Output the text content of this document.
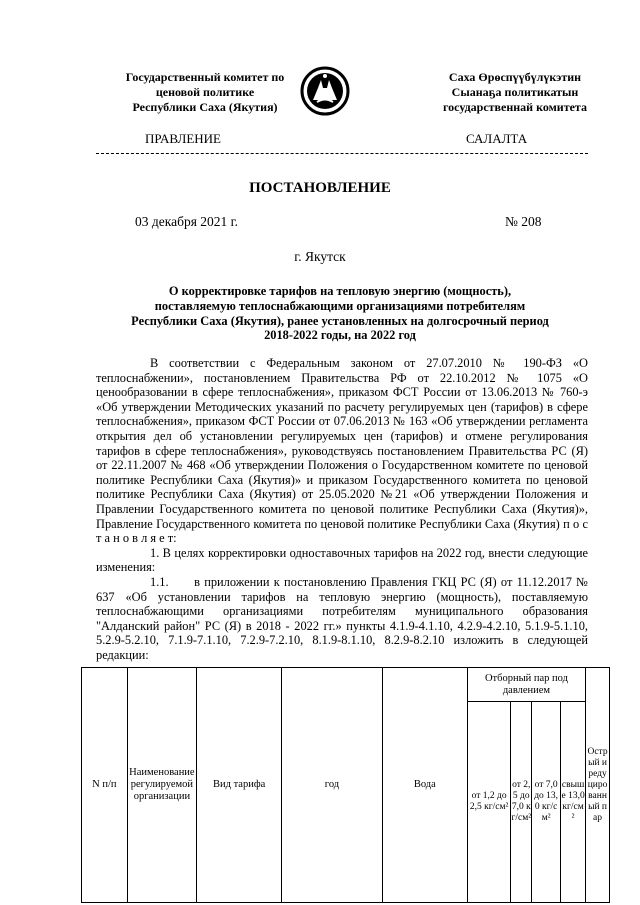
Государственный комитет по
ценовой политике
Республики Саха (Якутия)
Саха Өрөспүүбүлүкэтин
Сыанаҕа политикатын
государственнай комитета
ПРАВЛЕНИЕ	САЛАЛТА
ПОСТАНОВЛЕНИЕ
03 декабря 2021 г.	№ 208
г. Якутск
О корректировке тарифов на тепловую энергию (мощность),
поставляемую теплоснабжающими организациями потребителям
Республики Саха (Якутия), ранее установленных на долгосрочный период
2018-2022 годы, на 2022 год

В соответствии с Федеральным законом от 27.07.2010 № 190-ФЗ «О теплоснабжении», постановлением Правительства РФ от 22.10.2012 № 1075 «О ценообразовании в сфере теплоснабжения», приказом ФСТ России от 13.06.2013 № 760-э «Об утверждении Методических указаний по расчету регулируемых цен (тарифов) в сфере теплоснабжения», приказом ФСТ России от 07.06.2013 № 163 «Об утверждении регламента открытия дел об установлении регулируемых цен (тарифов) и отмене регулирования тарифов в сфере теплоснабжения», руководствуясь постановлением Правительства РС (Я) от 22.11.2007 № 468 «Об утверждении Положения о Государственном комитете по ценовой политике Республики Саха (Якутия)» и приказом Государственного комитета по ценовой политике Республики Саха (Якутия) от 25.05.2020 №21 «Об утверждении Положения и Правлении Государственного комитета по ценовой политике Республики Саха (Якутия)», Правление Государственного комитета по ценовой политике Республики Саха (Якутия) п о с т а н о в л я е т:

1. В целях корректировки одноставочных тарифов на 2022 год, внести следующие изменения:

1.1.      в приложении к постановлению Правления ГКЦ РС (Я) от 11.12.2017 № 637 «Об установлении тарифов на тепловую энергию (мощность), поставляемую теплоснабжающими организациями потребителям муниципального образования "Алданский район" РС (Я) в 2018 - 2022 гг.» пункты 4.1.9-4.1.10, 4.2.9-4.2.10, 5.1.9-5.1.10, 5.2.9-5.2.10, 7.1.9-7.1.10, 7.2.9-7.2.10, 8.1.9-8.1.10, 8.2.9-8.2.10 изложить в следующей редакции:

N п/п	Наименование регулируемой организации	Вид тарифа	год	Вода	Отборный пар под давлением				Острый и редуцированный пар
					от 1,2 до 2,5 кг/см²	от 2,5 до 7,0 кг/см²	от 7,0 до 13,0 кг/см²	свыше 13,0 кг/см²	
